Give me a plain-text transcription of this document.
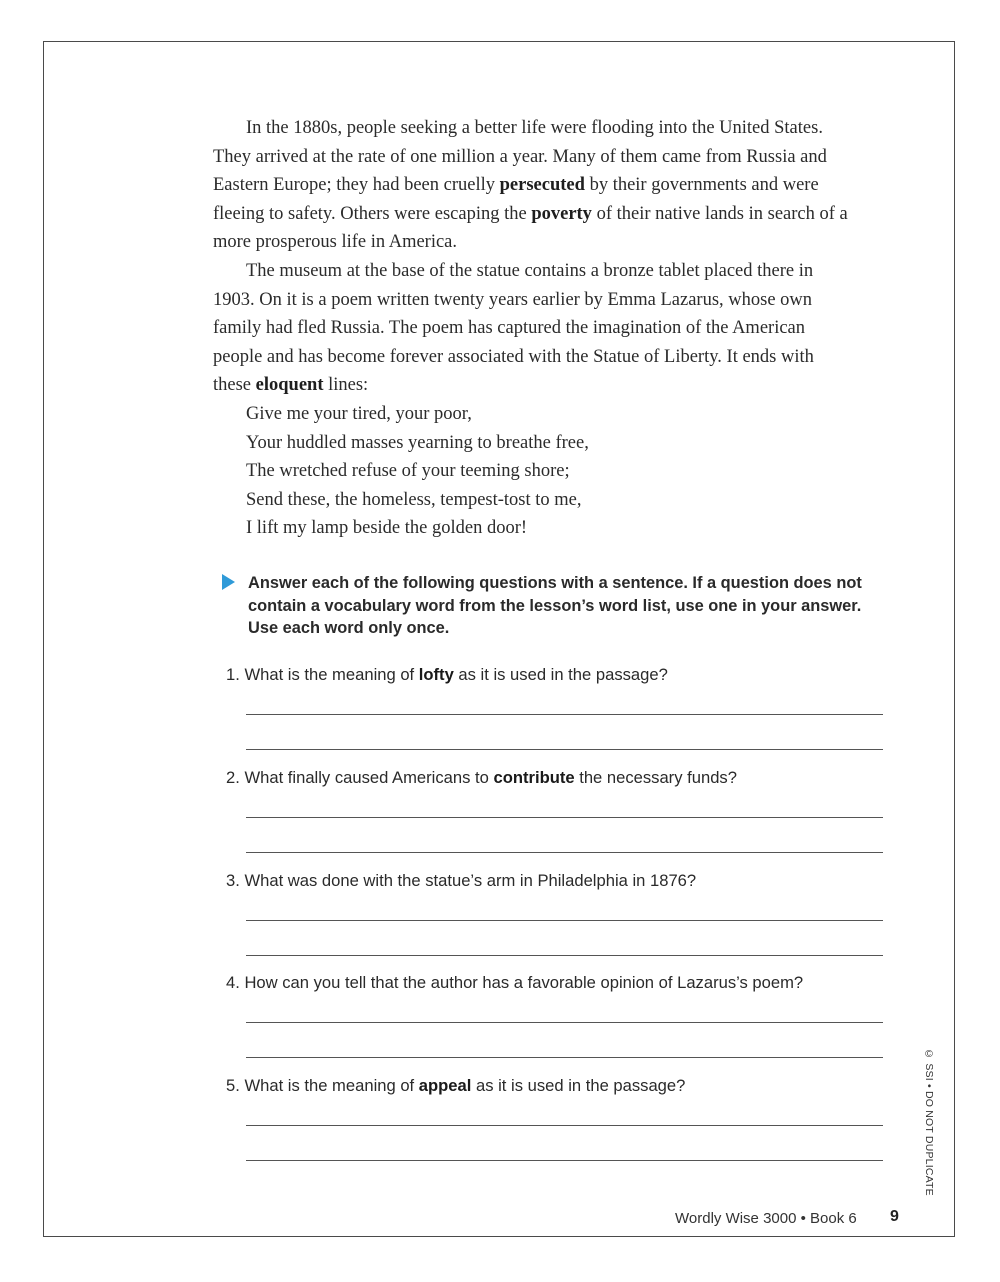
In the 1880s, people seeking a better life were flooding into the United States. They arrived at the rate of one million a year. Many of them came from Russia and Eastern Europe; they had been cruelly persecuted by their governments and were fleeing to safety. Others were escaping the poverty of their native lands in search of a more prosperous life in America.

The museum at the base of the statue contains a bronze tablet placed there in 1903. On it is a poem written twenty years earlier by Emma Lazarus, whose own family had fled Russia. The poem has captured the imagination of the American people and has become forever associated with the Statue of Liberty. It ends with these eloquent lines:

Give me your tired, your poor,
Your huddled masses yearning to breathe free,
The wretched refuse of your teeming shore;
Send these, the homeless, tempest-tost to me,
I lift my lamp beside the golden door!
Answer each of the following questions with a sentence. If a question does not contain a vocabulary word from the lesson’s word list, use one in your answer. Use each word only once.
1. What is the meaning of lofty as it is used in the passage?
2. What finally caused Americans to contribute the necessary funds?
3. What was done with the statue’s arm in Philadelphia in 1876?
4. How can you tell that the author has a favorable opinion of Lazarus’s poem?
5. What is the meaning of appeal as it is used in the passage?	© SSI • DO NOT DUPLICATE
Wordly Wise 3000 • Book 6 9
